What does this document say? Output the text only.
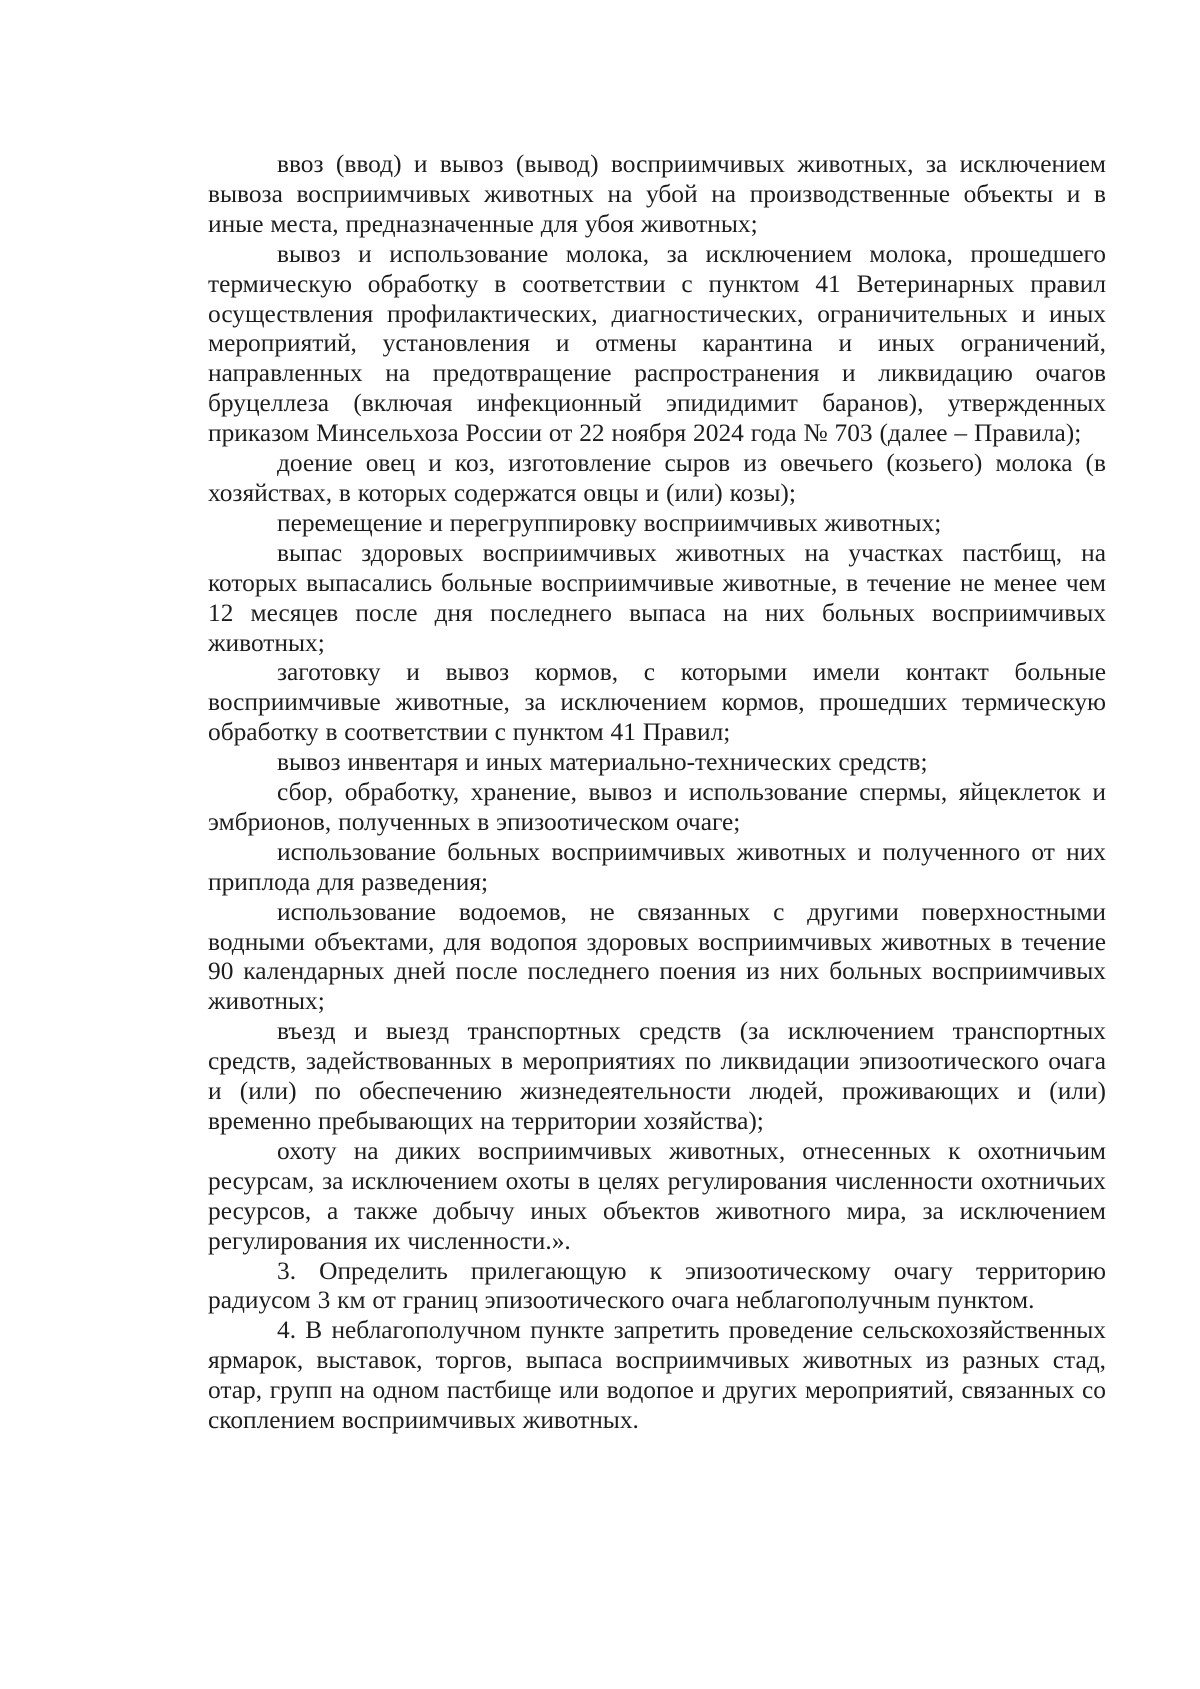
ввоз (ввод) и вывоз (вывод) восприимчивых животных, за исключением вывоза восприимчивых животных на убой на производственные объекты и в иные места, предназначенные для убоя животных;

вывоз и использование молока, за исключением молока, прошедшего термическую обработку в соответствии с пунктом 41 Ветеринарных правил осуществления профилактических, диагностических, ограничительных и иных мероприятий, установления и отмены карантина и иных ограничений, направленных на предотвращение распространения и ликвидацию очагов бруцеллеза (включая инфекционный эпидидимит баранов), утвержденных приказом Минсельхоза России от 22 ноября 2024 года № 703 (далее – Правила);

доение овец и коз, изготовление сыров из овечьего (козьего) молока (в хозяйствах, в которых содержатся овцы и (или) козы);

перемещение и перегруппировку восприимчивых животных;

выпас здоровых восприимчивых животных на участках пастбищ, на которых выпасались больные восприимчивые животные, в течение не менее чем 12 месяцев после дня последнего выпаса на них больных восприимчивых животных;

заготовку и вывоз кормов, с которыми имели контакт больные восприимчивые животные, за исключением кормов, прошедших термическую обработку в соответствии с пунктом 41 Правил;

вывоз инвентаря и иных материально-технических средств;

сбор, обработку, хранение, вывоз и использование спермы, яйцеклеток и эмбрионов, полученных в эпизоотическом очаге;

использование больных восприимчивых животных и полученного от них приплода для разведения;

использование водоемов, не связанных с другими поверхностными водными объектами, для водопоя здоровых восприимчивых животных в течение 90 календарных дней после последнего поения из них больных восприимчивых животных;

въезд и выезд транспортных средств (за исключением транспортных средств, задействованных в мероприятиях по ликвидации эпизоотического очага и (или) по обеспечению жизнедеятельности людей, проживающих и (или) временно пребывающих на территории хозяйства);

охоту на диких восприимчивых животных, отнесенных к охотничьим ресурсам, за исключением охоты в целях регулирования численности охотничьих ресурсов, а также добычу иных объектов животного мира, за исключением регулирования их численности.».

3. Определить прилегающую к эпизоотическому очагу территорию радиусом 3 км от границ эпизоотического очага неблагополучным пунктом.

4. В неблагополучном пункте запретить проведение сельскохозяйственных ярмарок, выставок, торгов, выпаса восприимчивых животных из разных стад, отар, групп на одном пастбище или водопое и других мероприятий, связанных со скоплением восприимчивых животных.
